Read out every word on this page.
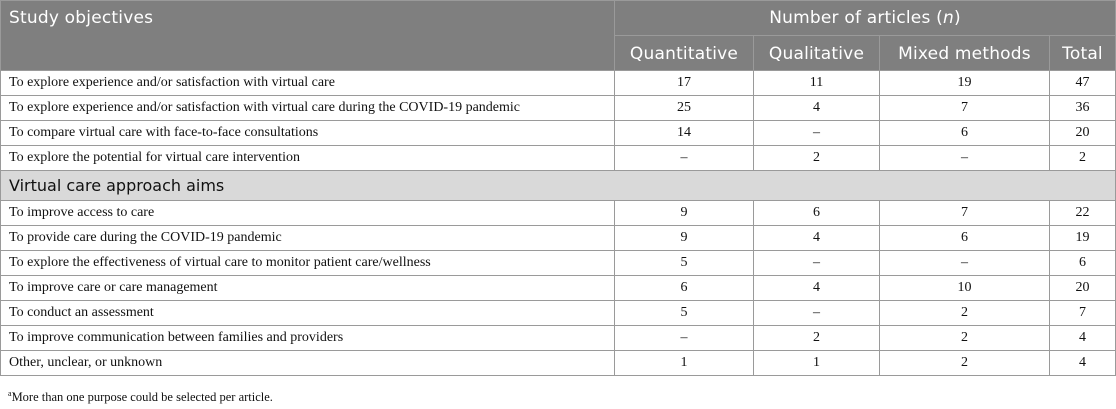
Study objectives	Number of articles (n)			
	Quantitative	Qualitative	Mixed methods	Total
To explore experience and/or satisfaction with virtual care	17	11	19	47
To explore experience and/or satisfaction with virtual care during the COVID-19 pandemic	25	4	7	36
To compare virtual care with face-to-face consultations	14	–	6	20
To explore the potential for virtual care intervention	–	2	–	2
Virtual care approach aims				
To improve access to care	9	6	7	22
To provide care during the COVID-19 pandemic	9	4	6	19
To explore the effectiveness of virtual care to monitor patient care/wellness	5	–	–	6
To improve care or care management	6	4	10	20
To conduct an assessment	5	–	2	7
To improve communication between families and providers	–	2	2	4
Other, unclear, or unknown	1	1	2	4
$^a$More than one purpose could be selected per article.
